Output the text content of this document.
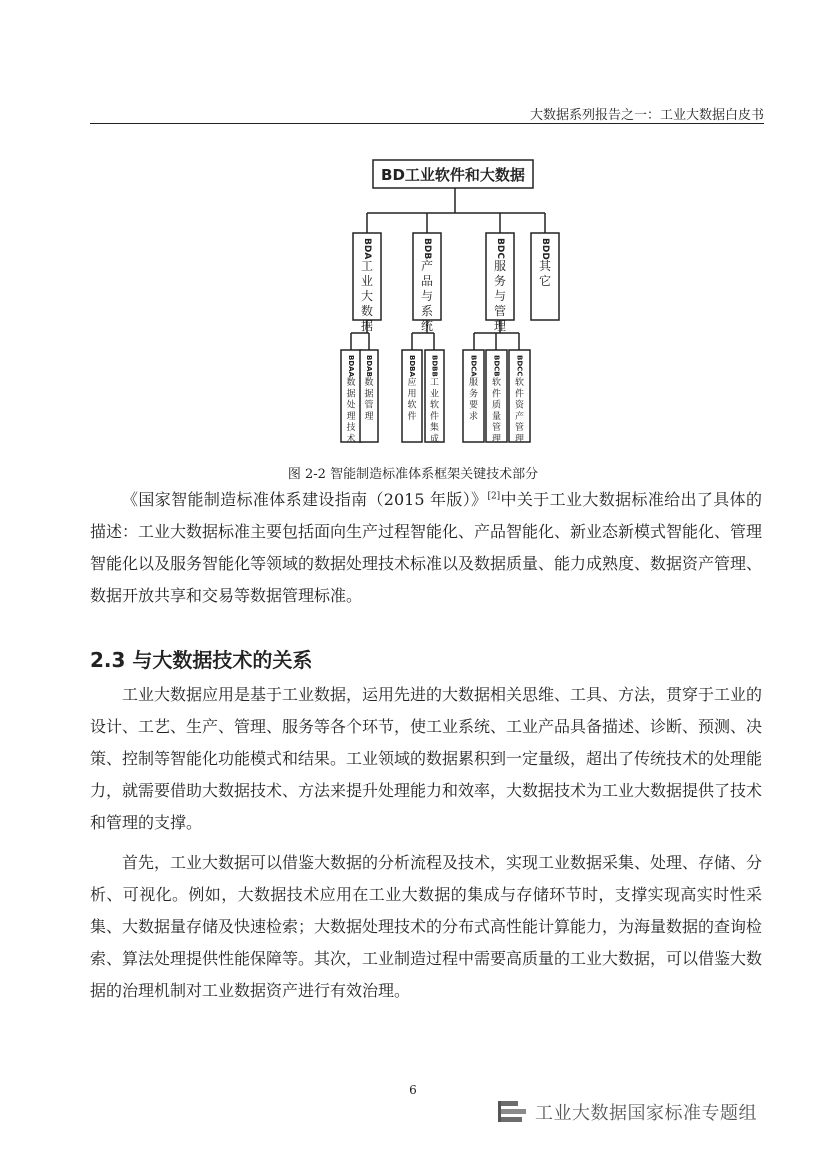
大数据系列报告之一：工业大数据白皮书
BD工业软件和大数据
BDA
工
业
大
数
据
BDB
产
品
与
系
统
BDC
服
务
与
管
理
BDD
其
它
BDAA
数
据
处
理
技
术
BDAB
数
据
管
理
BDBA
应
用
软
件
BDBB
工
业
软
件
集
成
BDCA
服
务
要
求
BDCB
软
件
质
量
管
理
BDCC
软
件
资
产
管
理
图 2-2 智能制造标准体系框架关键技术部分

《国家智能制造标准体系建设指南（2015 年版）》[2]中关于工业大数据标准给出了具体的描述：工业大数据标准主要包括面向生产过程智能化、产品智能化、新业态新模式智能化、管理智能化以及服务智能化等领域的数据处理技术标准以及数据质量、能力成熟度、数据资产管理、数据开放共享和交易等数据管理标准。

2.3 与大数据技术的关系

工业大数据应用是基于工业数据，运用先进的大数据相关思维、工具、方法，贯穿于工业的设计、工艺、生产、管理、服务等各个环节，使工业系统、工业产品具备描述、诊断、预测、决策、控制等智能化功能模式和结果。工业领域的数据累积到一定量级，超出了传统技术的处理能力，就需要借助大数据技术、方法来提升处理能力和效率，大数据技术为工业大数据提供了技术和管理的支撑。

首先，工业大数据可以借鉴大数据的分析流程及技术，实现工业数据采集、处理、存储、分析、可视化。例如，大数据技术应用在工业大数据的集成与存储环节时，支撑实现高实时性采集、大数据量存储及快速检索；大数据处理技术的分布式高性能计算能力，为海量数据的查询检索、算法处理提供性能保障等。其次，工业制造过程中需要高质量的工业大数据，可以借鉴大数据的治理机制对工业数据资产进行有效治理。

6
工业大数据国家标准专题组
